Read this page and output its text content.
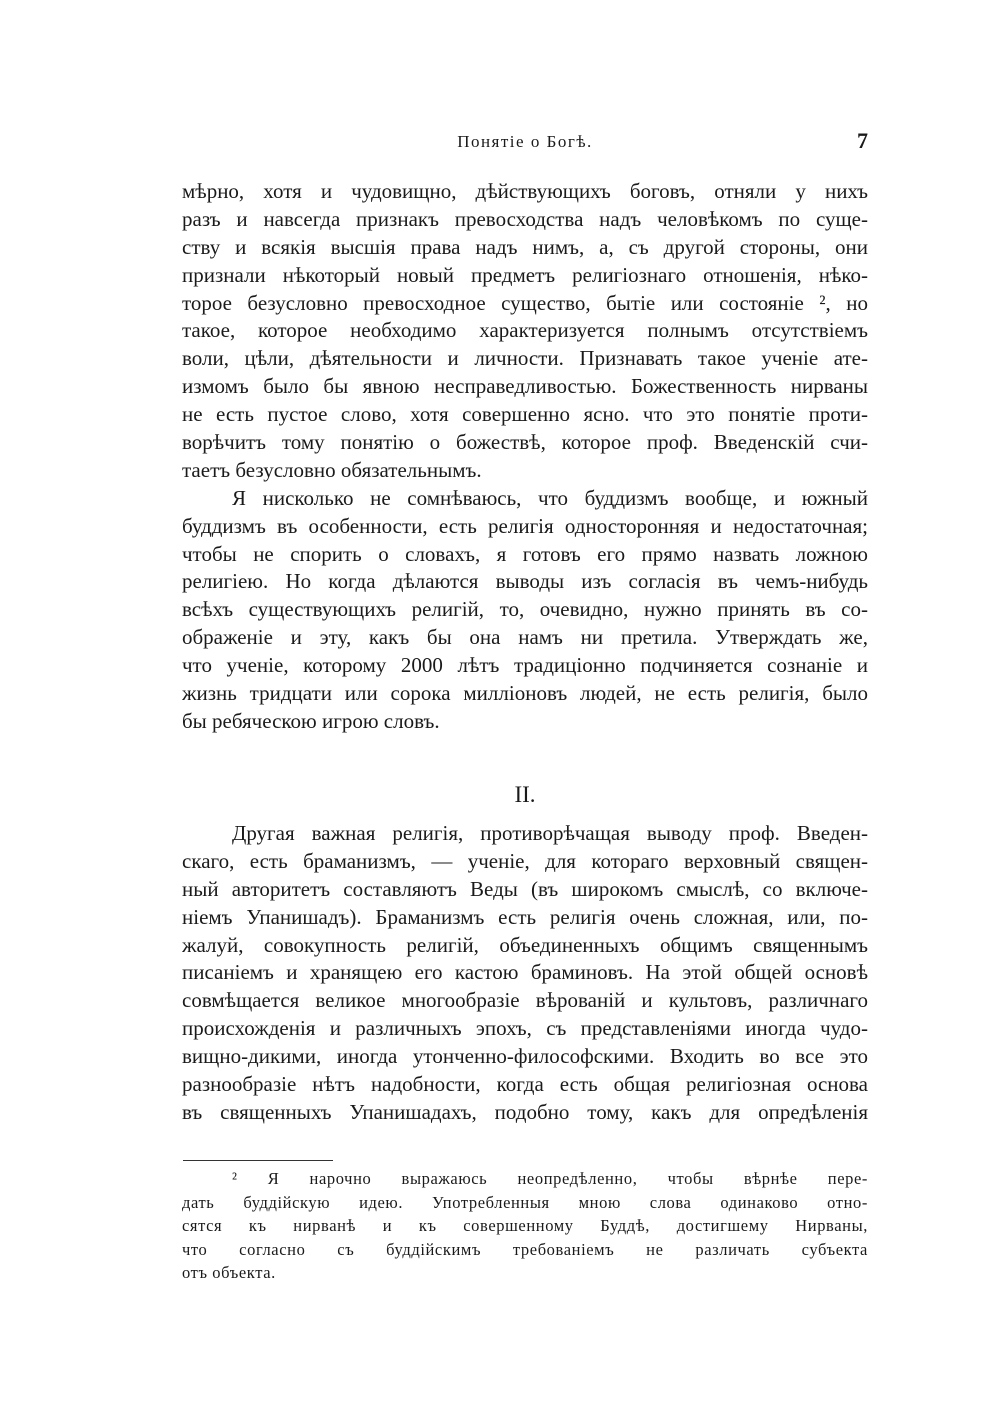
Понятіе о Богѣ.	7
мѣрно, хотя и чудовищно, дѣйствующихъ боговъ, отняли у нихъ
разъ и навсегда признакъ превосходства надъ человѣкомъ по суще-
ству и всякія высшія права надъ нимъ, а, съ другой стороны, они
признали нѣкоторый новый предметъ религіознаго отношенія, нѣко-
торое безусловно превосходное существо, бытіе или состояніе ², но
такое, которое необходимо характеризуется полнымъ отсутствіемъ
воли, цѣли, дѣятельности и личности. Признавать такое ученіе ате-
измомъ было бы явною несправедливостью. Божественность нирваны
не есть пустое слово, хотя совершенно ясно. что это понятіе проти-
ворѣчитъ тому понятію о божествѣ, которое проф. Введенскій счи-
таетъ безусловно обязательнымъ.
Я нисколько не сомнѣваюсь, что буддизмъ вообще, и южный
буддизмъ въ особенности, есть религія односторонняя и недостаточная;
чтобы не спорить о словахъ, я готовъ его прямо назвать ложною
религіею. Но когда дѣлаются выводы изъ согласія въ чемъ-нибудь
всѣхъ существующихъ религій, то, очевидно, нужно принять въ со-
ображеніе и эту, какъ бы она намъ ни претила. Утверждать же,
что ученіе, которому 2000 лѣтъ традиціонно подчиняется сознаніе и
жизнь тридцати или сорока милліоновъ людей, не есть религія, было
бы ребяческою игрою словъ.
II.
Другая важная религія, противорѣчащая выводу проф. Введен-
скаго, есть браманизмъ, — ученіе, для котораго верховный священ-
ный авторитетъ составляютъ Веды (въ широкомъ смыслѣ, со включе-
ніемъ Упанишадъ). Браманизмъ есть религія очень сложная, или, по-
жалуй, совокупность религій, объединенныхъ общимъ священнымъ
писаніемъ и хранящею его кастою браминовъ. На этой общей основѣ
совмѣщается великое многообразіе вѣрованій и культовъ, различнаго
происхожденія и различныхъ эпохъ, съ представленіями иногда чудо-
вищно-дикими, иногда утонченно-философскими. Входить во все это
разнообразіе нѣтъ надобности, когда есть общая религіозная основа
въ священныхъ Упанишадахъ, подобно тому, какъ для опредѣленія
² Я нарочно выражаюсь неопредѣленно, чтобы вѣрнѣе пере-
дать буддійскую идею. Употребленныя мною слова одинаково отно-
сятся къ нирванѣ и къ совершенному Буддѣ, достигшему Нирваны,
что согласно съ буддійскимъ требованіемъ не различать субъекта
отъ объекта.
